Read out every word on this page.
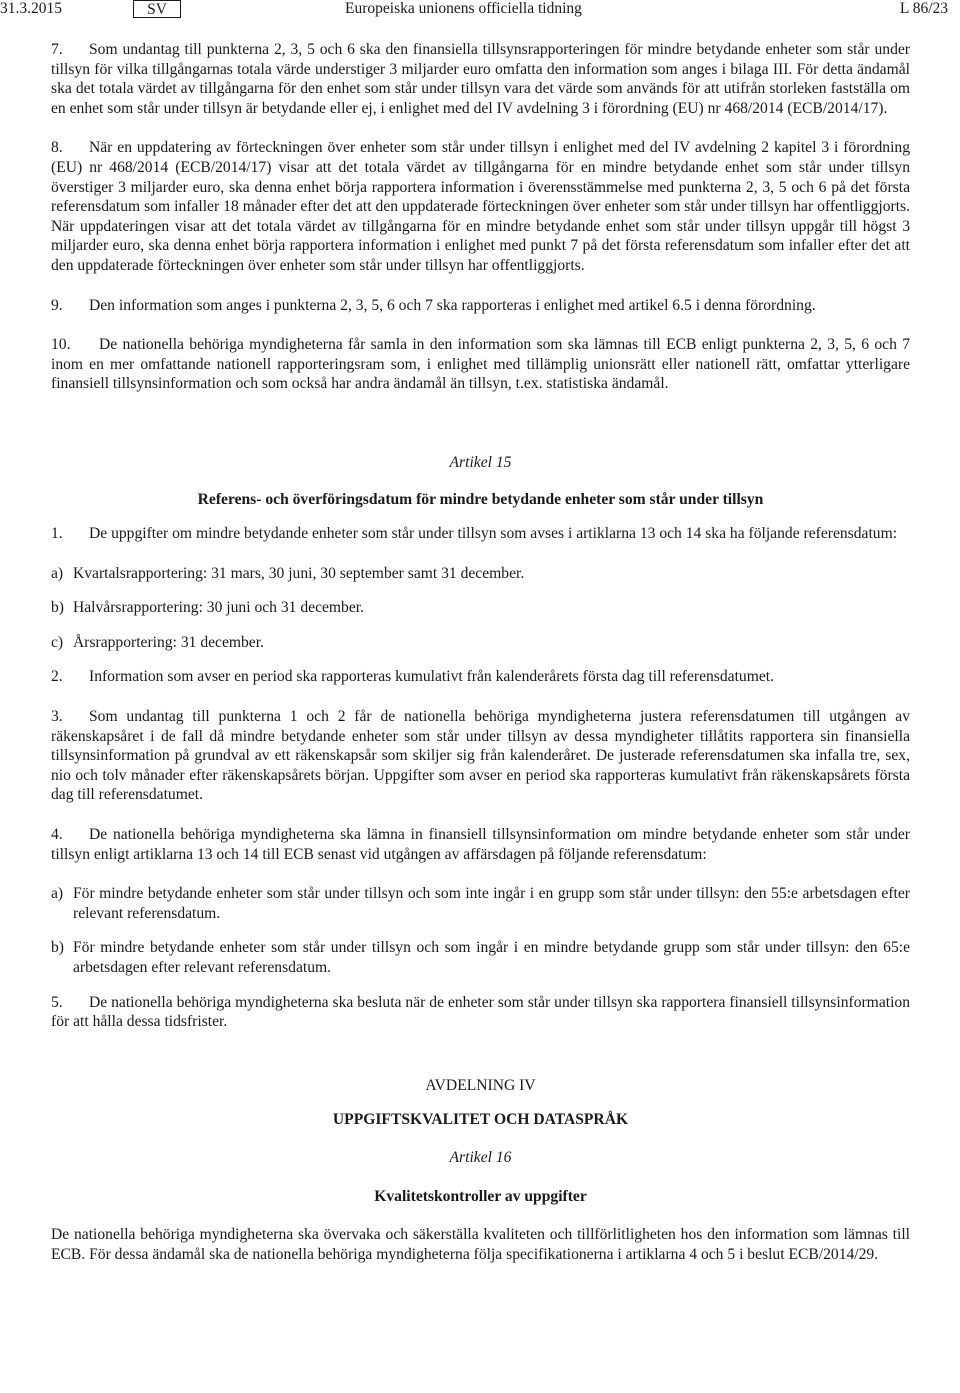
31.3.2015	SV	Europeiska unionens officiella tidning	L 86/23

7. Som undantag till punkterna 2, 3, 5 och 6 ska den finansiella tillsynsrapporteringen för mindre betydande enheter som står under tillsyn för vilka tillgångarnas totala värde understiger 3 miljarder euro omfatta den information som anges i bilaga III. För detta ändamål ska det totala värdet av tillgångarna för den enhet som står under tillsyn vara det värde som används för att utifrån storleken fastställa om en enhet som står under tillsyn är betydande eller ej, i enlighet med del IV avdelning 3 i förordning (EU) nr 468/2014 (ECB/2014/17).

8. När en uppdatering av förteckningen över enheter som står under tillsyn i enlighet med del IV avdelning 2 kapitel 3 i förordning (EU) nr 468/2014 (ECB/2014/17) visar att det totala värdet av tillgångarna för en mindre betydande enhet som står under tillsyn överstiger 3 miljarder euro, ska denna enhet börja rapportera information i överensstämmelse med punkterna 2, 3, 5 och 6 på det första referensdatum som infaller 18 månader efter det att den uppdaterade förteckningen över enheter som står under tillsyn har offentliggjorts. När uppdateringen visar att det totala värdet av tillgångarna för en mindre betydande enhet som står under tillsyn uppgår till högst 3 miljarder euro, ska denna enhet börja rapportera information i enlighet med punkt 7 på det första referensdatum som infaller efter det att den uppdaterade förteckningen över enheter som står under tillsyn har offentliggjorts.

9. Den information som anges i punkterna 2, 3, 5, 6 och 7 ska rapporteras i enlighet med artikel 6.5 i denna förordning.

10. De nationella behöriga myndigheterna får samla in den information som ska lämnas till ECB enligt punkterna 2, 3, 5, 6 och 7 inom en mer omfattande nationell rapporteringsram som, i enlighet med tillämplig unionsrätt eller nationell rätt, omfattar ytterligare finansiell tillsynsinformation och som också har andra ändamål än tillsyn, t.ex. statistiska ändamål.

Artikel 15

Referens- och överföringsdatum för mindre betydande enheter som står under tillsyn

1. De uppgifter om mindre betydande enheter som står under tillsyn som avses i artiklarna 13 och 14 ska ha följande referensdatum:

a) Kvartalsrapportering: 31 mars, 30 juni, 30 september samt 31 december.
b) Halvårsrapportering: 30 juni och 31 december.
c) Årsrapportering: 31 december.

2. Information som avser en period ska rapporteras kumulativt från kalenderårets första dag till referensdatumet.

3. Som undantag till punkterna 1 och 2 får de nationella behöriga myndigheterna justera referensdatumen till utgången av räkenskapsåret i de fall då mindre betydande enheter som står under tillsyn av dessa myndigheter tillåtits rapportera sin finansiella tillsynsinformation på grundval av ett räkenskapsår som skiljer sig från kalenderåret. De justerade referensdatumen ska infalla tre, sex, nio och tolv månader efter räkenskapsårets början. Uppgifter som avser en period ska rapporteras kumulativt från räkenskapsårets första dag till referensdatumet.

4. De nationella behöriga myndigheterna ska lämna in finansiell tillsynsinformation om mindre betydande enheter som står under tillsyn enligt artiklarna 13 och 14 till ECB senast vid utgången av affärsdagen på följande referensdatum:

a) För mindre betydande enheter som står under tillsyn och som inte ingår i en grupp som står under tillsyn: den 55:e arbetsdagen efter relevant referensdatum.
b) För mindre betydande enheter som står under tillsyn och som ingår i en mindre betydande grupp som står under tillsyn: den 65:e arbetsdagen efter relevant referensdatum.

5. De nationella behöriga myndigheterna ska besluta när de enheter som står under tillsyn ska rapportera finansiell tillsynsinformation för att hålla dessa tidsfrister.

AVDELNING IV

UPPGIFTSKVALITET OCH DATASPRÅK

Artikel 16

Kvalitetskontroller av uppgifter

De nationella behöriga myndigheterna ska övervaka och säkerställa kvaliteten och tillförlitligheten hos den information som lämnas till ECB. För dessa ändamål ska de nationella behöriga myndigheterna följa specifikationerna i artiklarna 4 och 5 i beslut ECB/2014/29.
